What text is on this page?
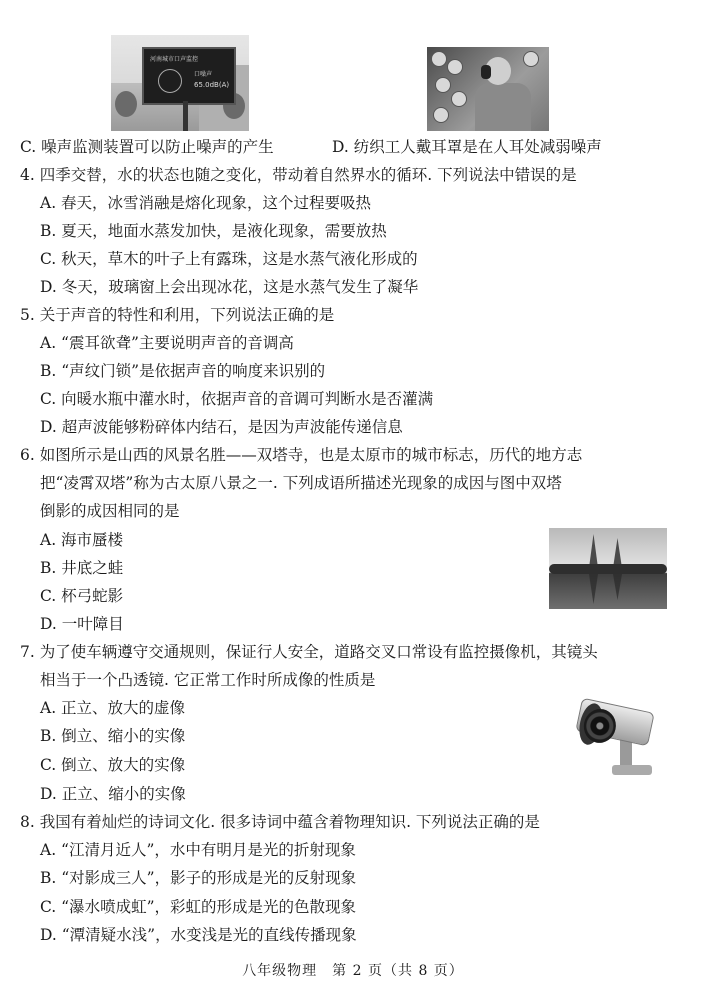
河南城市口声监控
口噪声
65.0dB(A)
C. 噪声监测装置可以防止噪声的产生	D. 纺织工人戴耳罩是在人耳处减弱噪声
4. 四季交替，水的状态也随之变化，带动着自然界水的循环. 下列说法中错误的是
A. 春天，冰雪消融是熔化现象，这个过程要吸热
B. 夏天，地面水蒸发加快，是液化现象，需要放热
C. 秋天，草木的叶子上有露珠，这是水蒸气液化形成的
D. 冬天，玻璃窗上会出现冰花，这是水蒸气发生了凝华
5. 关于声音的特性和利用，下列说法正确的是
A. “震耳欲聋”主要说明声音的音调高
B. “声纹门锁”是依据声音的响度来识别的
C. 向暖水瓶中灌水时，依据声音的音调可判断水是否灌满
D. 超声波能够粉碎体内结石，是因为声波能传递信息
6. 如图所示是山西的风景名胜——双塔寺，也是太原市的城市标志，历代的地方志
把“凌霄双塔”称为古太原八景之一. 下列成语所描述光现象的成因与图中双塔
倒影的成因相同的是
A. 海市蜃楼
B. 井底之蛙
C. 杯弓蛇影
D. 一叶障目
7. 为了使车辆遵守交通规则，保证行人安全，道路交叉口常设有监控摄像机，其镜头
相当于一个凸透镜. 它正常工作时所成像的性质是
A. 正立、放大的虚像
B. 倒立、缩小的实像
C. 倒立、放大的实像
D. 正立、缩小的实像
8. 我国有着灿烂的诗词文化. 很多诗词中蕴含着物理知识. 下列说法正确的是
A. “江清月近人”，水中有明月是光的折射现象
B. “对影成三人”，影子的形成是光的反射现象
C. “瀑水喷成虹”，彩虹的形成是光的色散现象
D. “潭清疑水浅”，水变浅是光的直线传播现象
八年级物理　第 2 页（共 8 页）
